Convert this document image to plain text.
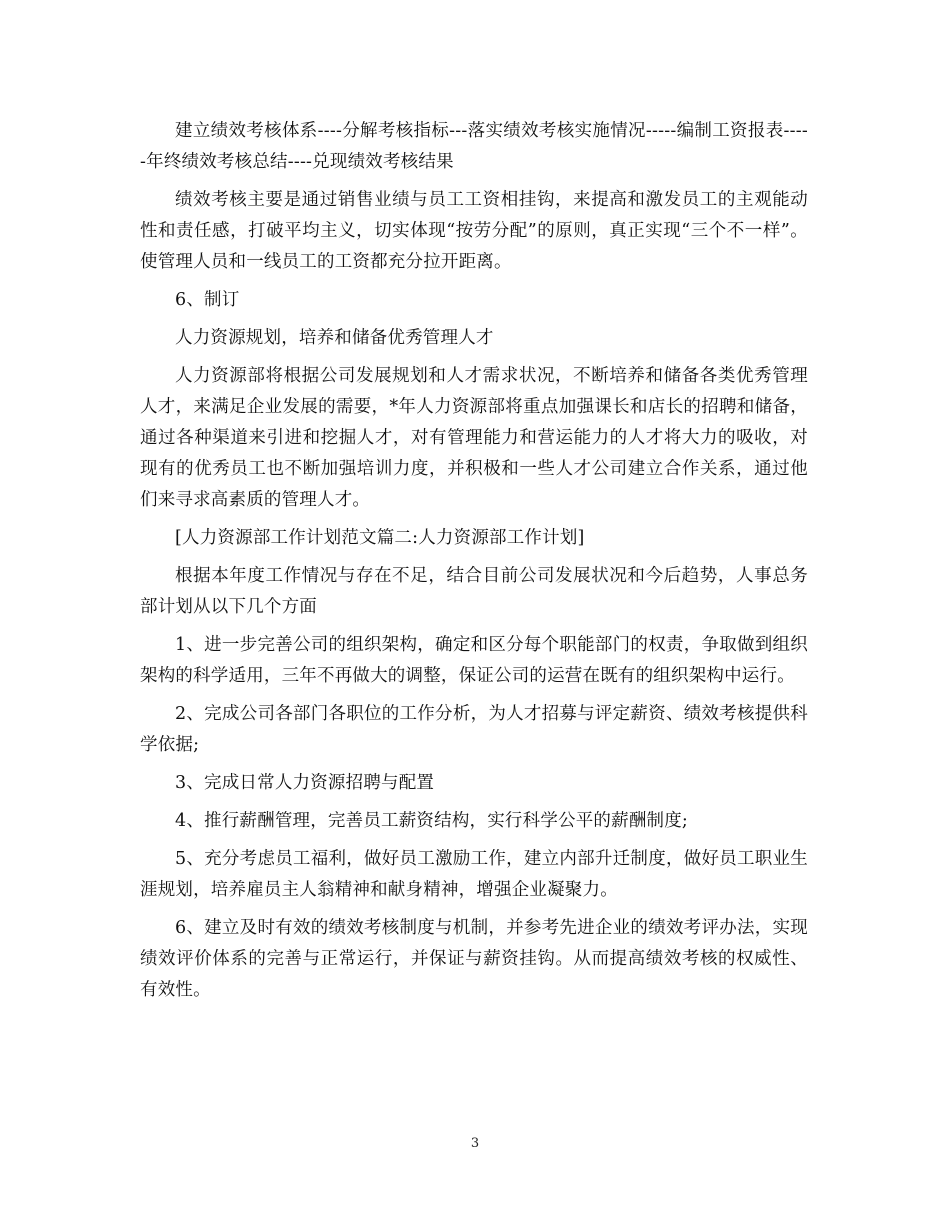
建立绩效考核体系----分解考核指标---落实绩效考核实施情况-----编制工资报表-----年终绩效考核总结----兑现绩效考核结果

绩效考核主要是通过销售业绩与员工工资相挂钩，来提高和激发员工的主观能动性和责任感，打破平均主义，切实体现“按劳分配”的原则，真正实现“三个不一样”。使管理人员和一线员工的工资都充分拉开距离。

6、制订

人力资源规划，培养和储备优秀管理人才

人力资源部将根据公司发展规划和人才需求状况，不断培养和储备各类优秀管理人才，来满足企业发展的需要，*年人力资源部将重点加强课长和店长的招聘和储备，通过各种渠道来引进和挖掘人才，对有管理能力和营运能力的人才将大力的吸收，对现有的优秀员工也不断加强培训力度，并积极和一些人才公司建立合作关系，通过他们来寻求高素质的管理人才。

[人力资源部工作计划范文篇二:人力资源部工作计划]

根据本年度工作情况与存在不足，结合目前公司发展状况和今后趋势，人事总务部计划从以下几个方面

1、进一步完善公司的组织架构，确定和区分每个职能部门的权责，争取做到组织架构的科学适用，三年不再做大的调整，保证公司的运营在既有的组织架构中运行。

2、完成公司各部门各职位的工作分析，为人才招募与评定薪资、绩效考核提供科学依据;

3、完成日常人力资源招聘与配置

4、推行薪酬管理，完善员工薪资结构，实行科学公平的薪酬制度;

5、充分考虑员工福利，做好员工激励工作，建立内部升迁制度，做好员工职业生涯规划，培养雇员主人翁精神和献身精神，增强企业凝聚力。

6、建立及时有效的绩效考核制度与机制，并参考先进企业的绩效考评办法，实现绩效评价体系的完善与正常运行，并保证与薪资挂钩。从而提高绩效考核的权威性、有效性。

3
